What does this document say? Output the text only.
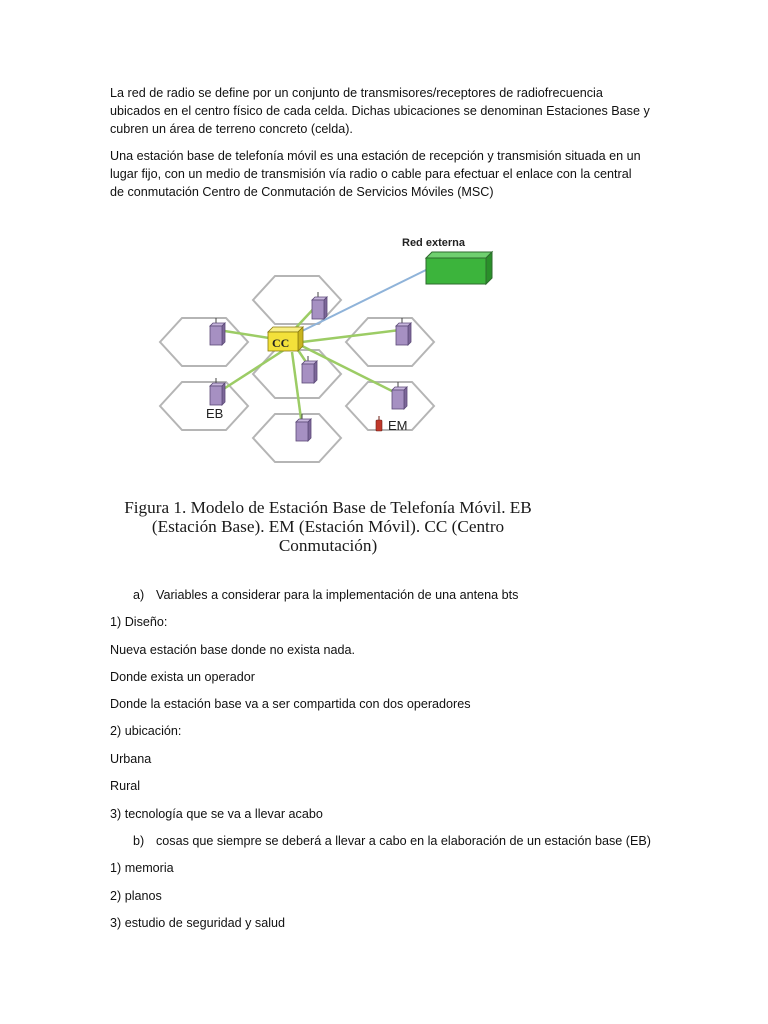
La red de radio se define por un conjunto de transmisores/receptores de radiofrecuencia
ubicados en el centro físico de cada celda. Dichas ubicaciones se denominan Estaciones Base y
cubren un área de terreno concreto (celda).
Una estación base de telefonía móvil es una estación de recepción y transmisión situada en un
lugar fijo, con un medio de transmisión vía radio o cable para efectuar el enlace con la central
de conmutación Centro de Conmutación de Servicios Móviles (MSC)
Red externa
CC
EB
EM
Figura 1. Modelo de Estación Base de Telefonía Móvil. EB
(Estación Base). EM (Estación Móvil). CC (Centro
Conmutación)
a) Variables a considerar para la implementación de una antena bts
1) Diseño:
Nueva estación base donde no exista nada.
Donde exista un operador
Donde la estación base va a ser compartida con dos operadores
2) ubicación:
Urbana
Rural
3) tecnología que se va a llevar acabo
b) cosas que siempre se deberá a llevar a cabo en la elaboración de un estación base (EB)
1) memoria
2) planos
3) estudio de seguridad y salud
